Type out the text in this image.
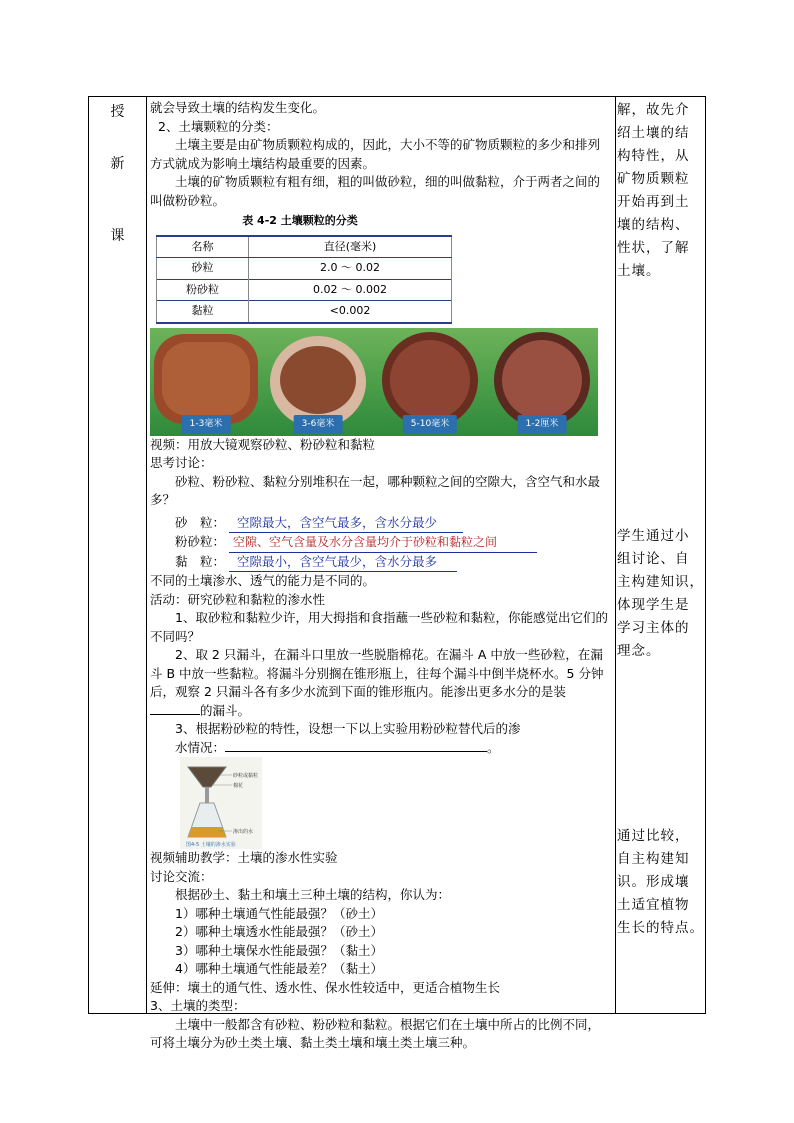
授
新
课

就会导致土壤的结构发生变化。

2、土壤颗粒的分类：

土壤主要是由矿物质颗粒构成的，因此，大小不等的矿物质颗粒的多少和排列方式就成为影响土壤结构最重要的因素。

土壤的矿物质颗粒有粗有细，粗的叫做砂粒，细的叫做黏粒，介于两者之间的叫做粉砂粒。

表 4-2 土壤颗粒的分类
名称	直径(毫米)
砂粒	2.0 ～ 0.02
粉砂粒	0.02 ～ 0.002
黏粒	<0.002
1-3毫米	3-6毫米	5-10毫米	1-2厘米

视频：用放大镜观察砂粒、粉砂粒和黏粒

思考讨论：

砂粒、粉砂粒、黏粒分别堆积在一起，哪种颗粒之间的空隙大，含空气和水最多？

砂　粒： 空隙最大，含空气最多，含水分最少

粉砂粒： 空隙、空气含量及水分含量均介于砂粒和黏粒之间

黏　粒： 空隙最小，含空气最少，含水分最多

不同的土壤渗水、透气的能力是不同的。

活动：研究砂粒和黏粒的渗水性

1、取砂粒和黏粒少许，用大拇指和食指蘸一些砂粒和黏粒，你能感觉出它们的不同吗？

2、取 2 只漏斗，在漏斗口里放一些脱脂棉花。在漏斗 A 中放一些砂粒，在漏斗 B 中放一些黏粒。将漏斗分别搁在锥形瓶上，往每个漏斗中倒半烧杯水。5 分钟后，观察 2 只漏斗各有多少水流到下面的锥形瓶内。能渗出更多水分的是装的漏斗。

3、根据粉砂粒的特性，设想一下以上实验用粉砂粒替代后的渗

水情况：	。

砂粒或黏粒
棉花
渗出的水
图4-5 土壤的渗水实验

视频辅助教学：土壤的渗水性实验

讨论交流：

根据砂土、黏土和壤土三种土壤的结构，你认为：

1）哪种土壤通气性能最强？（砂土）

2）哪种土壤透水性能最强？（砂土）

3）哪种土壤保水性能最强？（黏土）

4）哪种土壤通气性能最差？（黏土）

延伸：壤土的通气性、透水性、保水性较适中，更适合植物生长

3、土壤的类型：

土壤中一般都含有砂粒、粉砂粒和黏粒。根据它们在土壤中所占的比例不同，可将土壤分为砂土类土壤、黏土类土壤和壤土类土壤三种。

解，故先介

绍土壤的结

构特性，从

矿物质颗粒

开始再到土

壤的结构、

性状，了解

土壤。

学生通过小

组讨论、自

主构建知识，

体现学生是

学习主体的

理念。

通过比较，

自主构建知

识。形成壤

土适宜植物

生长的特点。
